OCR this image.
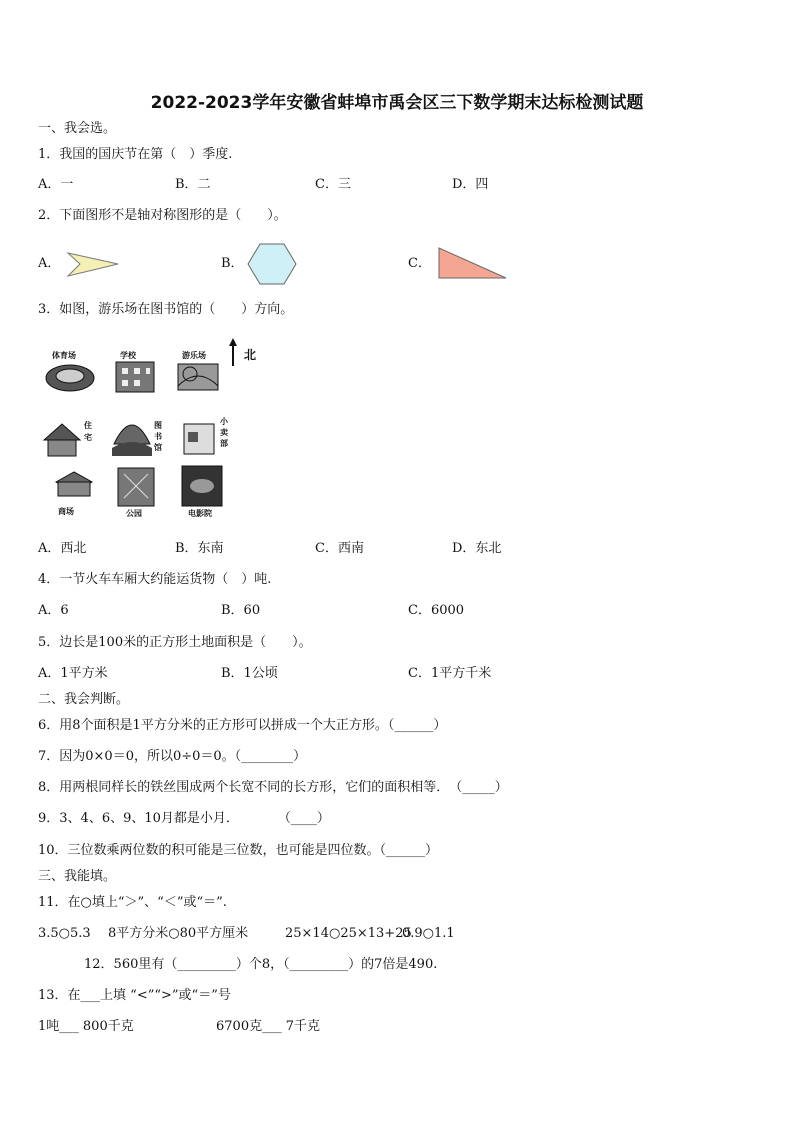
2022-2023学年安徽省蚌埠市禹会区三下数学期末达标检测试题
一、我会选。
1．我国的国庆节在第（　）季度.
A．一	B．二	C．三	D．四
2．下面图形不是轴对称图形的是（　　）。
A．	B．	C．
3．如图，游乐场在图书馆的（　　）方向。
北
体育场	学校	游乐场
住宅
图书馆
小卖部
商场	公园	电影院
A．西北	B．东南	C．西南	D．东北
4．一节火车车厢大约能运货物（　）吨.
A．6	B．60	C．6000
5．边长是100米的正方形土地面积是（　　）。
A．1平方米	B．1公顷	C．1平方千米
二、我会判断。
6．用8个面积是1平方分米的正方形可以拼成一个大正方形。（______）
7．因为0×0＝0，所以0÷0＝0。（________）
8．用两根同样长的铁丝围成两个长宽不同的长方形，它们的面积相等．　（_____）
9．3、4、6、9、10月都是小月．　　　　（____）
10．三位数乘两位数的积可能是三位数，也可能是四位数。（______）
三、我能填。
11．在○填上“＞”、“＜”或“＝”.
3.5○5.3 8平方分米○80平方厘米	25×14○25×13+25
0.9○1.1
12．560里有（_________）个8，（_________）的7倍是490.
13．在___上填 “<”“>”或“＝”号
1吨___ 800千克	6700克___ 7千克
